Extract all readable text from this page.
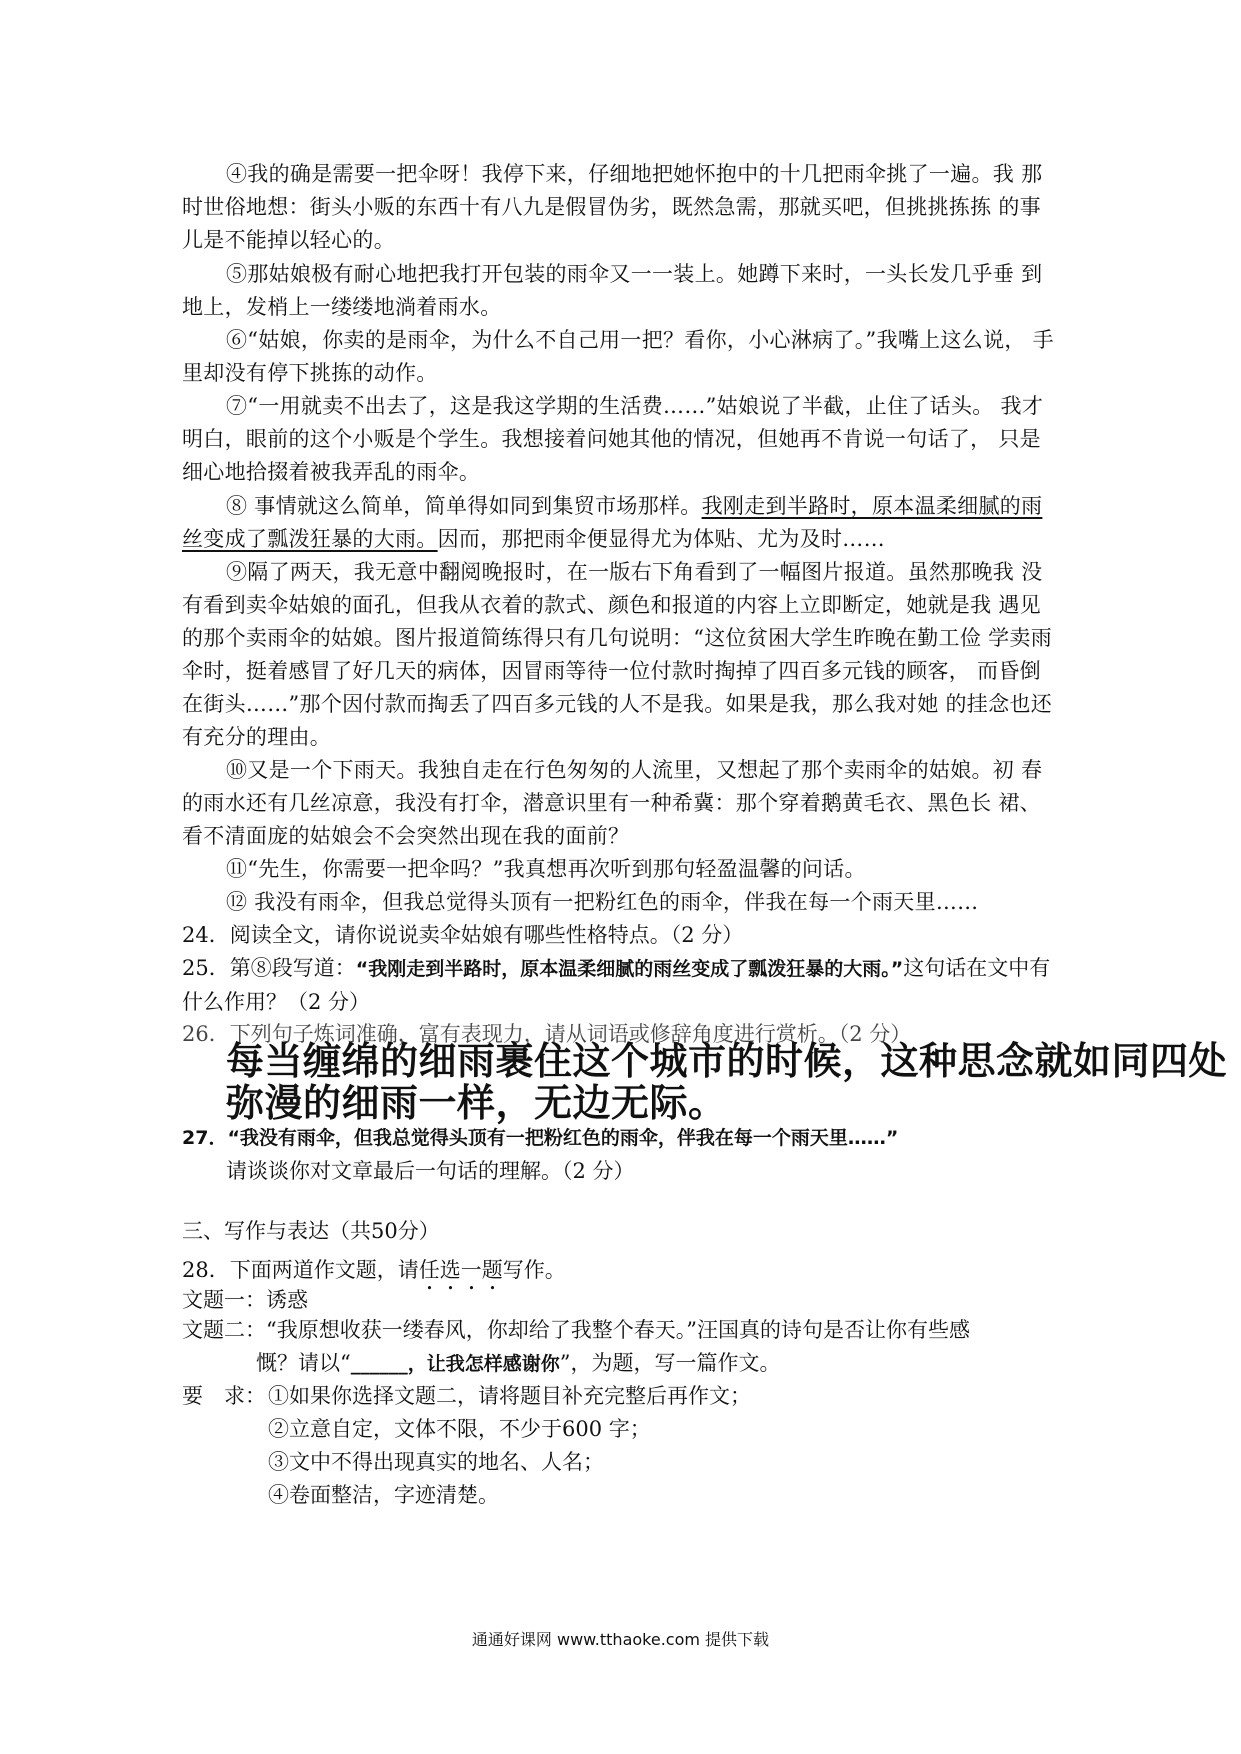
④我的确是需要一把伞呀！我停下来，仔细地把她怀抱中的十几把雨伞挑了一遍。我 那时世俗地想：街头小贩的东西十有八九是假冒伪劣，既然急需，那就买吧，但挑挑拣拣 的事儿是不能掉以轻心的。
⑤那姑娘极有耐心地把我打开包装的雨伞又一一装上。她蹲下来时，一头长发几乎垂 到地上，发梢上一缕缕地淌着雨水。
⑥“姑娘，你卖的是雨伞，为什么不自己用一把？看你，小心淋病了。”我嘴上这么说， 手里却没有停下挑拣的动作。
⑦“一用就卖不出去了，这是我这学期的生活费……”姑娘说了半截，止住了话头。 我才明白，眼前的这个小贩是个学生。我想接着问她其他的情况，但她再不肯说一句话了， 只是细心地拾掇着被我弄乱的雨伞。
⑧ 事情就这么简单，简单得如同到集贸市场那样。我刚走到半路时，原本温柔细腻的雨丝变成了瓢泼狂暴的大雨。因而，那把雨伞便显得尤为体贴、尤为及时……
⑨隔了两天，我无意中翻阅晚报时，在一版右下角看到了一幅图片报道。虽然那晚我 没有看到卖伞姑娘的面孔，但我从衣着的款式、颜色和报道的内容上立即断定，她就是我 遇见的那个卖雨伞的姑娘。图片报道简练得只有几句说明：“这位贫困大学生昨晚在勤工俭 学卖雨伞时，挺着感冒了好几天的病体，因冒雨等待一位付款时掏掉了四百多元钱的顾客， 而昏倒在街头……”那个因付款而掏丢了四百多元钱的人不是我。如果是我，那么我对她 的挂念也还有充分的理由。
⑩又是一个下雨天。我独自走在行色匆匆的人流里，又想起了那个卖雨伞的姑娘。初 春的雨水还有几丝凉意，我没有打伞，潜意识里有一种希冀：那个穿着鹅黄毛衣、黑色长 裙、看不清面庞的姑娘会不会突然出现在我的面前？
⑪“先生，你需要一把伞吗？”我真想再次听到那句轻盈温馨的问话。
⑫ 我没有雨伞，但我总觉得头顶有一把粉红色的雨伞，伴我在每一个雨天里……
24．阅读全文，请你说说卖伞姑娘有哪些性格特点。（2 分）
25．第⑧段写道：“我刚走到半路时，原本温柔细腻的雨丝变成了瓢泼狂暴的大雨。”这句话在文中有什么作用？（2 分）
26．下列句子炼词准确，富有表现力，请从词语或修辞角度进行赏析。（2 分）
每当缠绵的细雨裹住这个城市的时候，这种思念就如同四处弥漫的细雨一样，无边无际。
27．“我没有雨伞，但我总觉得头顶有一把粉红色的雨伞，伴我在每一个雨天里……”
请谈谈你对文章最后一句话的理解。（2 分）
三、写作与表达（共50分）
28．下面两道作文题，请任选一题写作。
文题一：诱惑
文题二：“我原想收获一缕春风，你却给了我整个春天。”汪国真的诗句是否让你有些感
慨？请以“______，让我怎样感谢你”，为题，写一篇作文。
要　求： ①如果你选择文题二，请将题目补充完整后再作文；
②立意自定，文体不限，不少于600 字；
③文中不得出现真实的地名、人名；
④卷面整洁，字迹清楚。
通通好课网 www.tthaoke.com 提供下载
